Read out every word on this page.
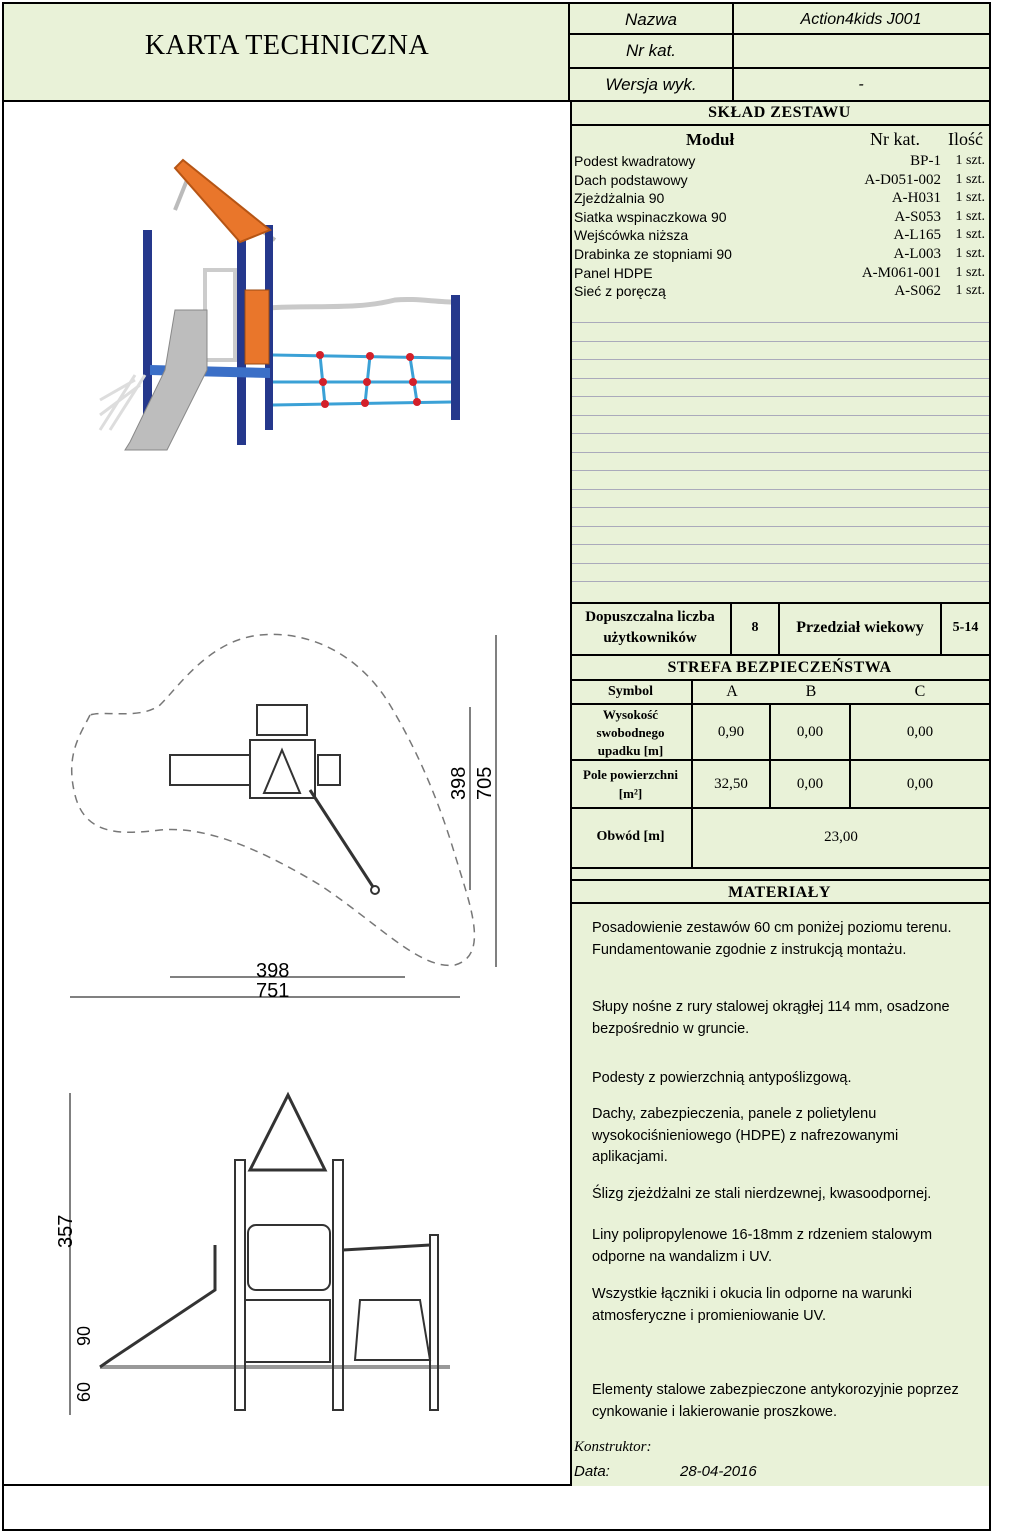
KARTA TECHNICZNA
Nazwa	Action4kids J001
Nr kat.
Wersja wyk.	-
SKŁAD ZESTAWU
Moduł	Nr kat. Ilość
Podest kwadratowy	BP-1 1 szt.
Dach podstawowy	A-D051-002 1 szt.
Zjeżdżalnia 90	A-H031 1 szt.
Siatka wspinaczkowa 90	A-S053 1 szt.
Wejścówka niższa	A-L165 1 szt.
Drabinka ze stopniami 90	A-L003 1 szt.
Panel HDPE	A-M061-001 1 szt.
Sieć z poręczą	A-S062 1 szt.
Dopuszczalna liczba
użytkowników
8	Przedział wiekowy	5-14
STREFA BEZPIECZEŃSTWA
Symbol	A	B	C
Wysokość
swobodnego
upadku [m]
0,90	0,00	0,00
Pole powierzchni
[m²]
32,50	0,00	0,00
Obwód [m]	23,00
MATERIAŁY
Posadowienie zestawów 60 cm poniżej poziomu terenu. Fundamentowanie zgodnie z instrukcją montażu.
Słupy nośne z rury stalowej okrągłej 114 mm, osadzone bezpośrednio w gruncie.
Podesty z powierzchnią antypoślizgową.
Dachy, zabezpieczenia, panele z polietylenu wysokociśnieniowego (HDPE) z nafrezowanymi aplikacjami.
Ślizg zjeżdżalni ze stali nierdzewnej, kwasoodpornej.
Liny polipropylenowe 16-18mm z rdzeniem stalowym odporne na wandalizm i UV.
Wszystkie łączniki i okucia lin odporne na warunki atmosferyczne i promieniowanie UV.
Elementy stalowe zabezpieczone antykorozyjnie poprzez cynkowanie i lakierowanie proszkowe.
Konstruktor:
Data:	28-04-2016
398
751
398 705
357
90
60
